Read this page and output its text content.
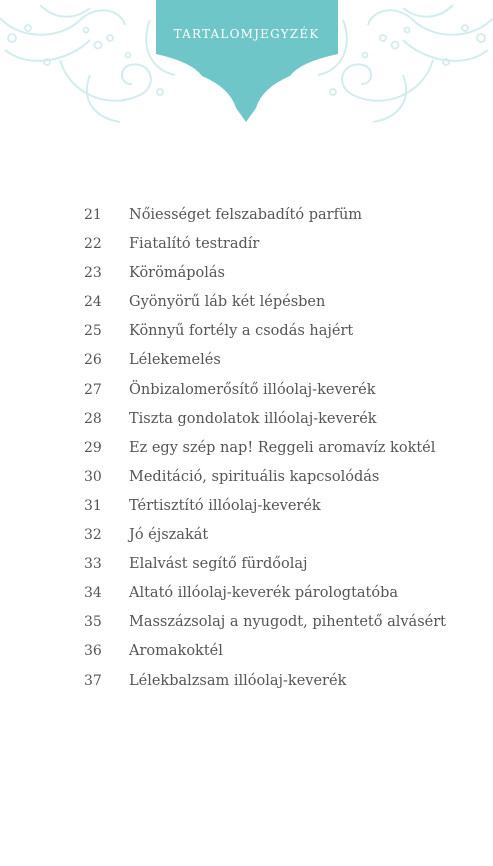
TARTALOMJEGYZÉK
21 Nőiességet felszabadító parfüm
22 Fiatalító testradír
23 Körömápolás
24 Gyönyörű láb két lépésben
25 Könnyű fortély a csodás hajért
26 Lélekemelés
27 Önbizalomerősítő illóolaj-keverék
28 Tiszta gondolatok illóolaj-keverék
29 Ez egy szép nap! Reggeli aromavíz koktél
30 Meditáció, spirituális kapcsolódás
31 Tértisztító illóolaj-keverék
32 Jó éjszakát
33 Elalvást segítő fürdőolaj
34 Altató illóolaj-keverék párologtatóba
35 Masszázsolaj a nyugodt, pihentető alvásért
36 Aromakoktél
37 Lélekbalzsam illóolaj-keverék
